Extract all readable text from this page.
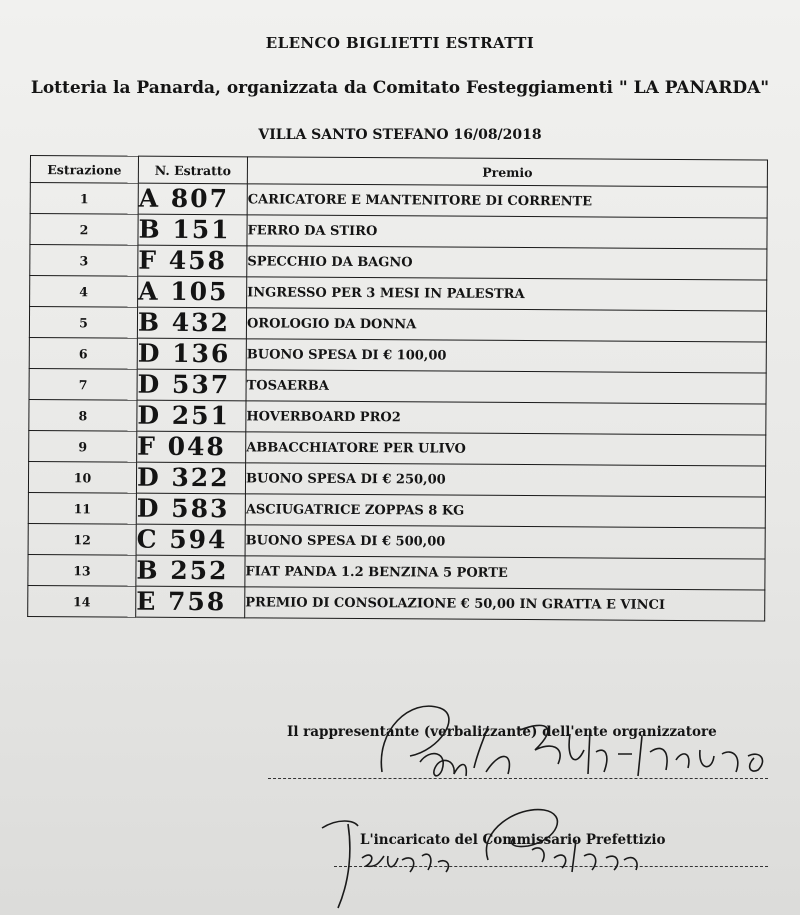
ELENCO BIGLIETTI ESTRATTI
Lotteria la Panarda, organizzata da Comitato Festeggiamenti " LA PANARDA"
VILLA SANTO STEFANO 16/08/2018
Estrazione	N. Estratto	Premio
1	A 807	CARICATORE E MANTENITORE DI CORRENTE
2	B 151	FERRO DA STIRO
3	F 458	SPECCHIO DA BAGNO
4	A 105	INGRESSO PER 3 MESI IN PALESTRA
5	B 432	OROLOGIO DA DONNA
6	D 136	BUONO SPESA DI € 100,00
7	D 537	TOSAERBA
8	D 251	HOVERBOARD PRO2
9	F 048	ABBACCHIATORE PER ULIVO
10	D 322	BUONO SPESA DI € 250,00
11	D 583	ASCIUGATRICE ZOPPAS 8 KG
12	C 594	BUONO SPESA DI € 500,00
13	B 252	FIAT PANDA 1.2 BENZINA 5 PORTE
14	E 758	PREMIO DI CONSOLAZIONE € 50,00 IN GRATTA E VINCI
Il rappresentante (verbalizzante) dell'ente organizzatore
L'incaricato del Commissario Prefettizio
